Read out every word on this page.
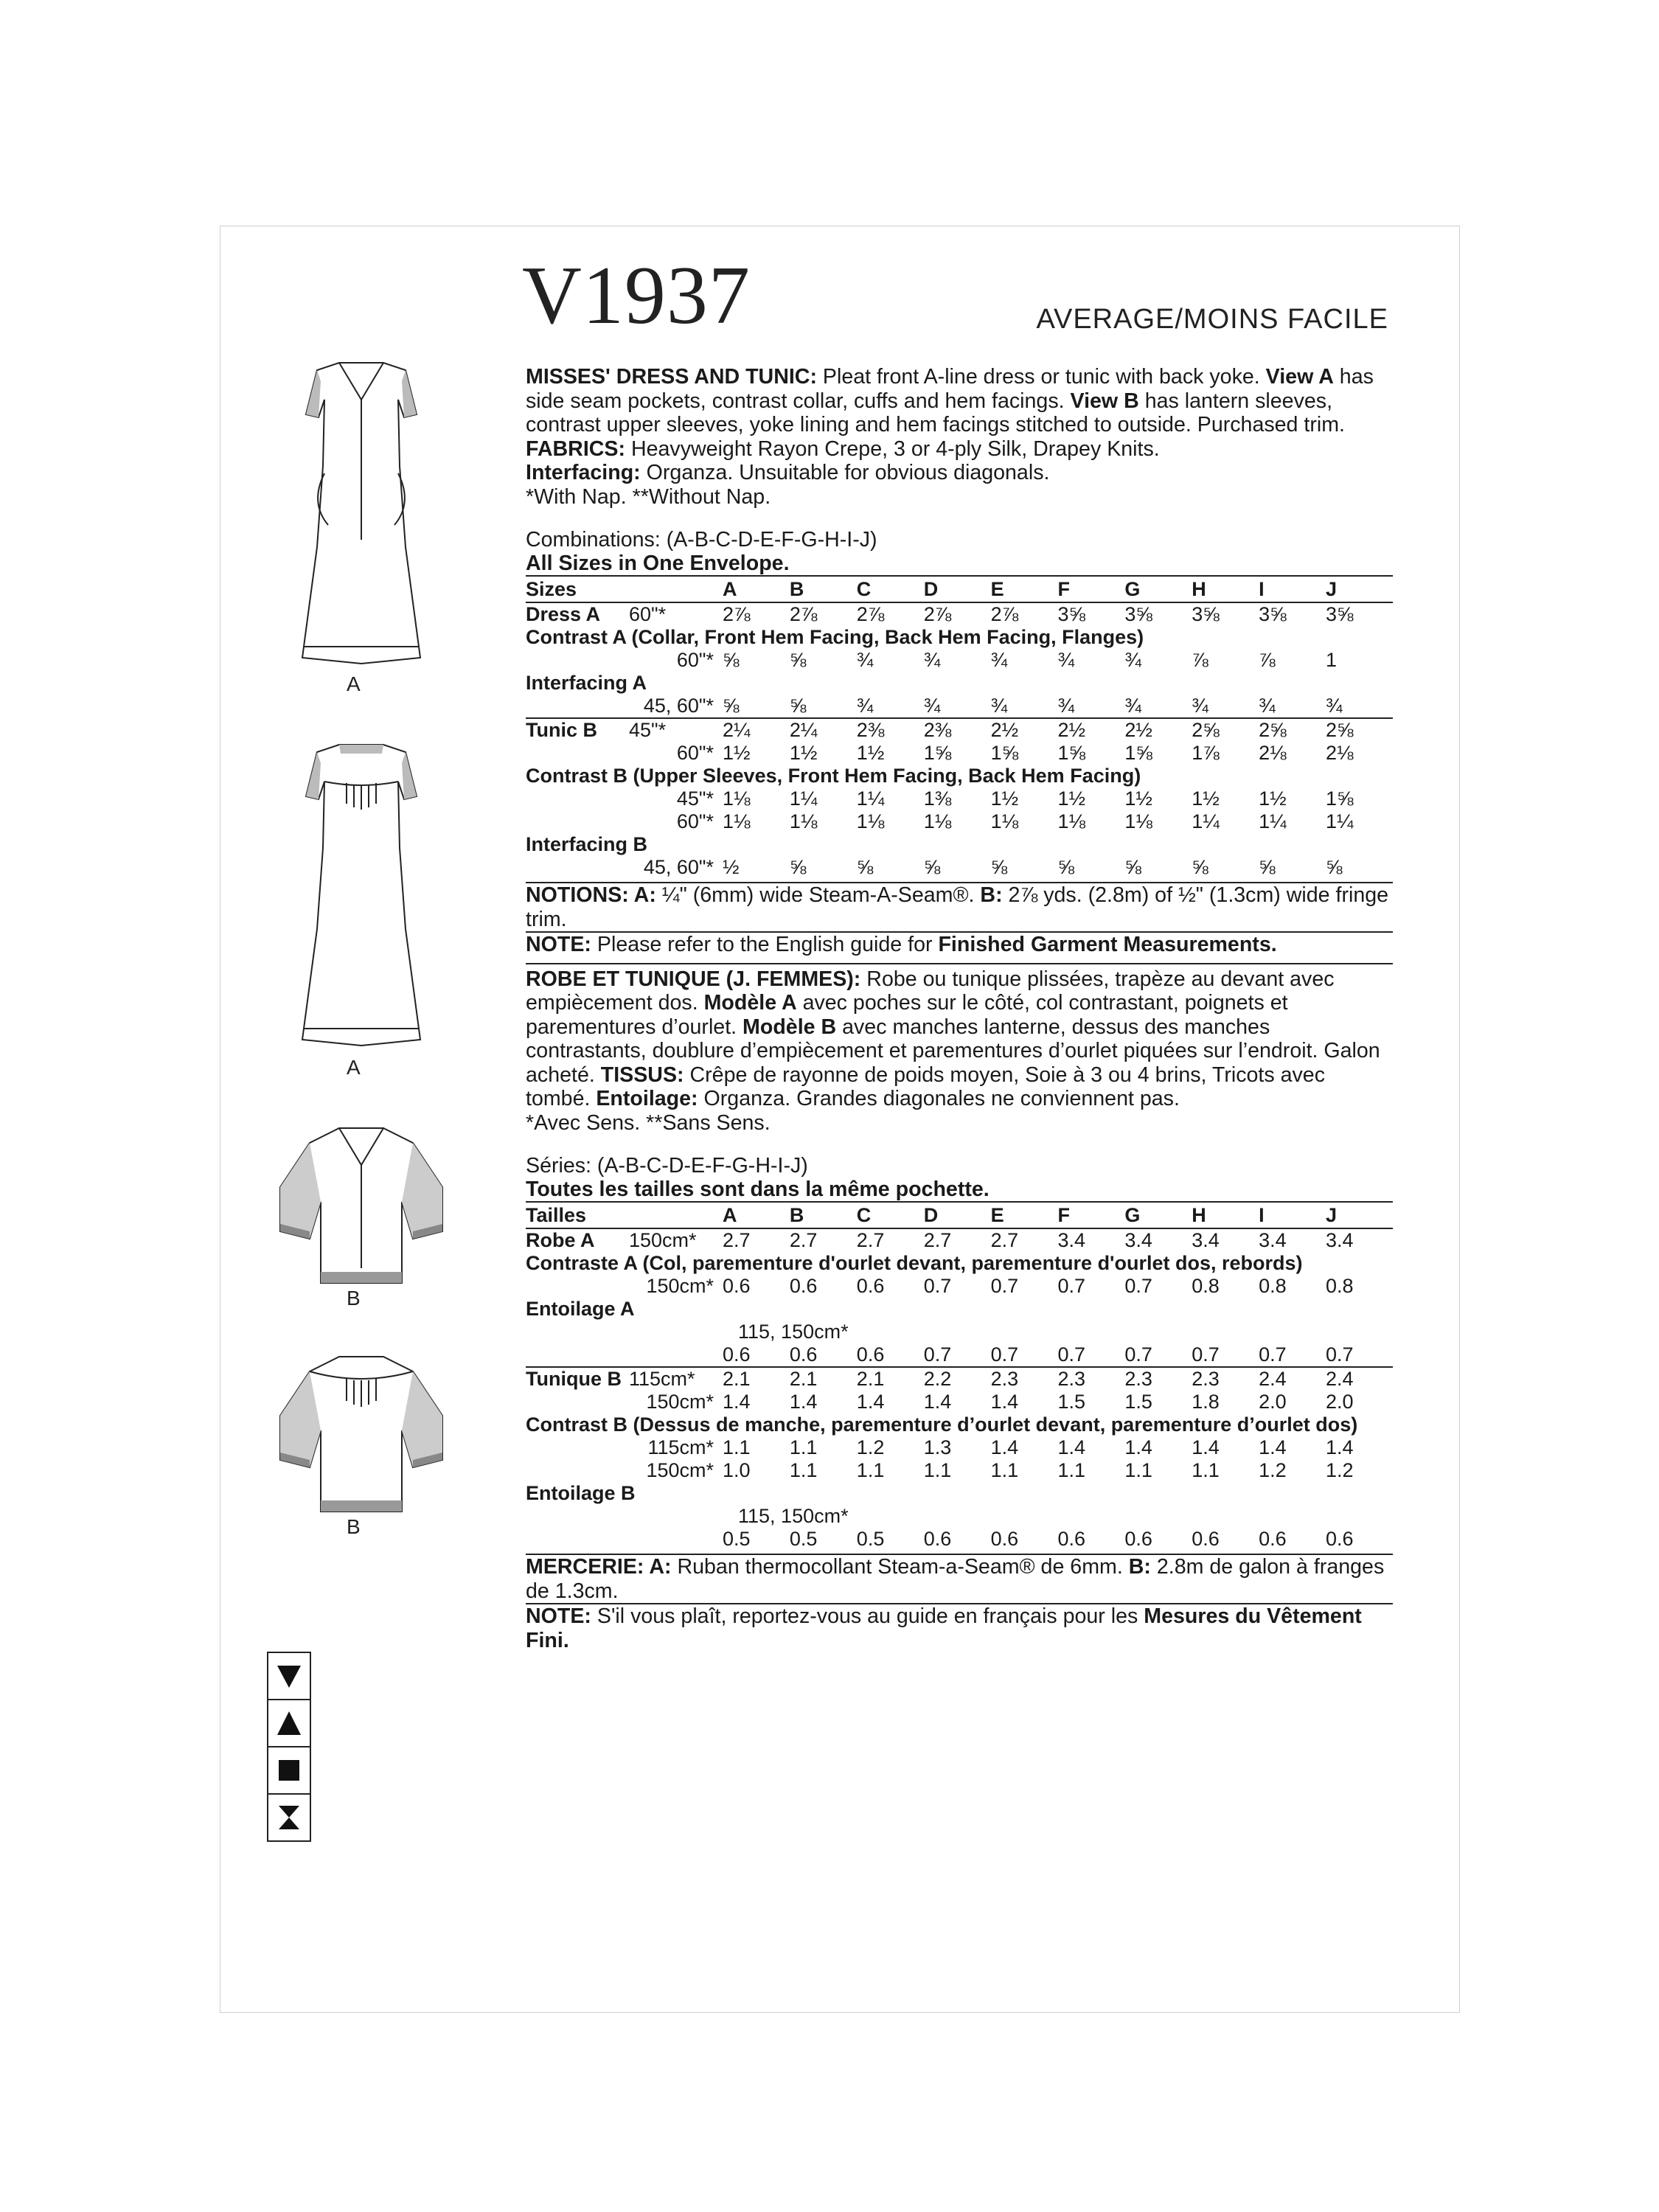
V1937	AVERAGE/MOINS FACILE
A
A
B
B

MISSES' DRESS AND TUNIC: Pleat front A-line dress or tunic with back yoke. View A has side seam pockets, contrast collar, cuffs and hem facings. View B has lantern sleeves, contrast upper sleeves, yoke lining and hem facings stitched to outside. Purchased trim. FABRICS: Heavyweight Rayon Crepe, 3 or 4-ply Silk, Drapey Knits.
Interfacing: Organza. Unsuitable for obvious diagonals.
*With Nap. **Without Nap.

Combinations: (A-B-C-D-E-F-G-H-I-J)

All Sizes in One Envelope.

Sizes		A	B	C	D	E	F	G	H	I	J
Dress A	60"*	2⅞	2⅞	2⅞	2⅞	2⅞	3⅝	3⅝	3⅝	3⅝	3⅝
Contrast A (Collar, Front Hem Facing, Back Hem Facing, Flanges)											
	60"*	⅝	⅝	¾	¾	¾	¾	¾	⅞	⅞	1
Interfacing A											
	45, 60"*	⅝	⅝	¾	¾	¾	¾	¾	¾	¾	¾
Tunic B	45"*	2¼	2¼	2⅜	2⅜	2½	2½	2½	2⅝	2⅝	2⅝
	60"*	1½	1½	1½	1⅝	1⅝	1⅝	1⅝	1⅞	2⅛	2⅛
Contrast B (Upper Sleeves, Front Hem Facing, Back Hem Facing)											
	45"*	1⅛	1¼	1¼	1⅜	1½	1½	1½	1½	1½	1⅝
	60"*	1⅛	1⅛	1⅛	1⅛	1⅛	1⅛	1⅛	1¼	1¼	1¼
Interfacing B											
	45, 60"*	½	⅝	⅝	⅝	⅝	⅝	⅝	⅝	⅝	⅝

NOTIONS: A: ¼" (6mm) wide Steam-A-Seam®. B: 2⅞ yds. (2.8m) of ½" (1.3cm) wide fringe trim.

NOTE: Please refer to the English guide for Finished Garment Measurements.

ROBE ET TUNIQUE (J. FEMMES): Robe ou tunique plissées, trapèze au devant avec empiècement dos. Modèle A avec poches sur le côté, col contrastant, poignets et parementures d’ourlet. Modèle B avec manches lanterne, dessus des manches contrastants, doublure d’empiècement et parementures d’ourlet piquées sur l’endroit. Galon acheté. TISSUS: Crêpe de rayonne de poids moyen, Soie à 3 ou 4 brins, Tricots avec tombé. Entoilage: Organza. Grandes diagonales ne conviennent pas.
*Avec Sens. **Sans Sens.

Séries: (A-B-C-D-E-F-G-H-I-J)

Toutes les tailles sont dans la même pochette.

Tailles		A	B	C	D	E	F	G	H	I	J
Robe A	150cm*	2.7	2.7	2.7	2.7	2.7	3.4	3.4	3.4	3.4	3.4
Contraste A (Col, parementure d'ourlet devant, parementure d'ourlet dos, rebords)											
	150cm*	0.6	0.6	0.6	0.7	0.7	0.7	0.7	0.8	0.8	0.8
Entoilage A											
	115, 150cm*										
		0.6	0.6	0.6	0.7	0.7	0.7	0.7	0.7	0.7	0.7
Tunique B	115cm*	2.1	2.1	2.1	2.2	2.3	2.3	2.3	2.3	2.4	2.4
	150cm*	1.4	1.4	1.4	1.4	1.4	1.5	1.5	1.8	2.0	2.0
Contrast B (Dessus de manche, parementure d’ourlet devant, parementure d’ourlet dos)											
	115cm*	1.1	1.1	1.2	1.3	1.4	1.4	1.4	1.4	1.4	1.4
	150cm*	1.0	1.1	1.1	1.1	1.1	1.1	1.1	1.1	1.2	1.2
Entoilage B											
	115, 150cm*										
		0.5	0.5	0.5	0.6	0.6	0.6	0.6	0.6	0.6	0.6

MERCERIE: A: Ruban thermocollant Steam-a-Seam® de 6mm. B: 2.8m de galon à franges de 1.3cm.

NOTE: S'il vous plaît, reportez-vous au guide en français pour les Mesures du Vêtement Fini.
